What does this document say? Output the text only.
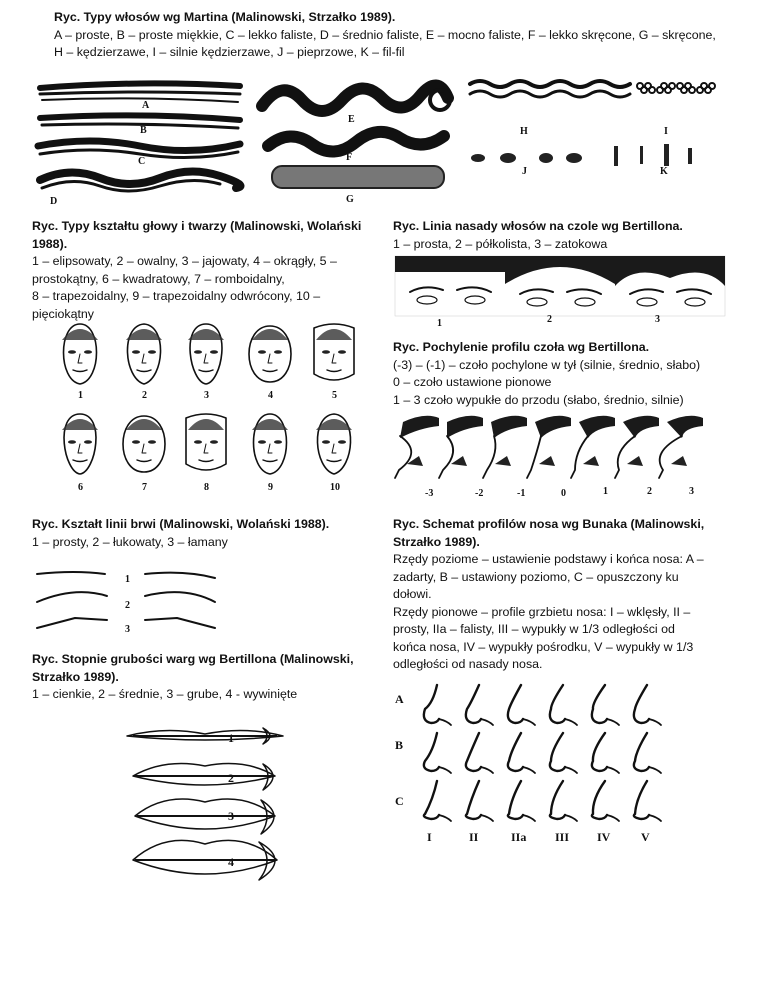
Ryc. Typy włosów wg Martina (Malinowski, Strzałko 1989).
A – proste, B – proste miękkie, C – lekko faliste, D – średnio faliste, E – mocno faliste, F – lekko skręcone, G – skręcone,
H – kędzierzawe, I – silnie kędzierzawe, J – pieprzowe, K – fil-fil
A
B
C
D
E
F
G
H	I
J	K
Ryc. Typy kształtu głowy i twarzy (Malinowski, Wolański 1988).
1 – elipsowaty, 2 – owalny, 3 – jajowaty, 4 – okrągły, 5 –
prostokątny, 6 – kwadratowy, 7 – romboidalny,
8 – trapezoidalny, 9 – trapezoidalny odwrócony, 10 –
pięciokątny
1	2	3	4	5
6	7	8	9	10
Ryc. Linia nasady włosów na czole wg Bertillona.
1 – prosta, 2 – półkolista, 3 – zatokowa
1	2	3
Ryc. Pochylenie profilu czoła wg Bertillona.
(-3) – (-1) – czoło pochylone w tył (silnie, średnio, słabo)
0 – czoło ustawione pionowe
1 – 3 czoło wypukłe do przodu (słabo, średnio, silnie)
-3	-2	-1	0	1	2	3
Ryc. Kształt linii brwi (Malinowski, Wolański 1988).
1 – prosty, 2 – łukowaty, 3 – łamany
1
2
3
Ryc. Stopnie grubości warg wg Bertillona (Malinowski,
Strzałko 1989).
1 – cienkie, 2 – średnie, 3 – grube, 4 - wywinięte
1
2
3
4
Ryc. Schemat profilów nosa wg Bunaka (Malinowski,
Strzałko 1989).
Rzędy poziome – ustawienie podstawy i końca nosa: A –
zadarty, B – ustawiony poziomo, C – opuszczony ku
dołowi.
Rzędy pionowe – profile grzbietu nosa: I – wklęsły, II –
prosty, IIa – falisty, III – wypukły w 1/3 odległości od
końca nosa, IV – wypukły pośrodku, V – wypukły w 1/3
odległości od nasady nosa.
A
B
C
I	II	IIa III IV	V
